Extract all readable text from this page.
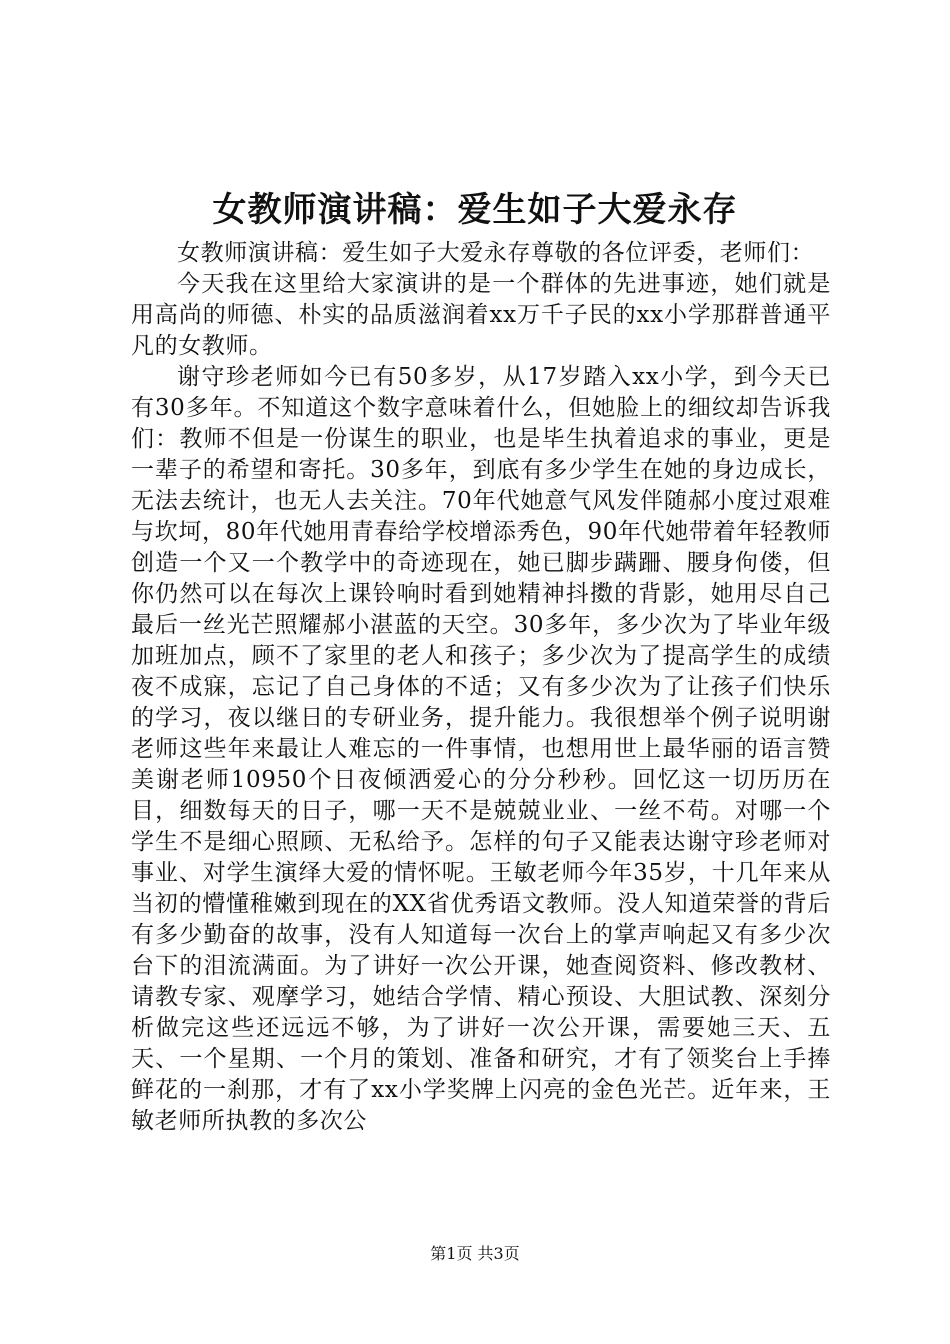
女教师演讲稿：爱生如子大爱永存

女教师演讲稿：爱生如子大爱永存尊敬的各位评委，老师们：

今天我在这里给大家演讲的是一个群体的先进事迹，她们就是用高尚的师德、朴实的品质滋润着xx万千子民的xx小学那群普通平凡的女教师。

谢守珍老师如今已有50多岁，从17岁踏入xx小学，到今天已有30多年。不知道这个数字意味着什么，但她脸上的细纹却告诉我们：教师不但是一份谋生的职业，也是毕生执着追求的事业，更是一辈子的希望和寄托。30多年，到底有多少学生在她的身边成长，无法去统计，也无人去关注。70年代她意气风发伴随郝小度过艰难与坎坷，80年代她用青春给学校增添秀色，90年代她带着年轻教师创造一个又一个教学中的奇迹现在，她已脚步蹒跚、腰身佝偻，但你仍然可以在每次上课铃响时看到她精神抖擞的背影，她用尽自己最后一丝光芒照耀郝小湛蓝的天空。30多年，多少次为了毕业年级加班加点，顾不了家里的老人和孩子；多少次为了提高学生的成绩夜不成寐，忘记了自己身体的不适；又有多少次为了让孩子们快乐的学习，夜以继日的专研业务，提升能力。我很想举个例子说明谢老师这些年来最让人难忘的一件事情，也想用世上最华丽的语言赞美谢老师10950个日夜倾洒爱心的分分秒秒。回忆这一切历历在目，细数每天的日子，哪一天不是兢兢业业、一丝不苟。对哪一个学生不是细心照顾、无私给予。怎样的句子又能表达谢守珍老师对事业、对学生演绎大爱的情怀呢。王敏老师今年35岁，十几年来从当初的懵懂稚嫩到现在的XX省优秀语文教师。没人知道荣誉的背后有多少勤奋的故事，没有人知道每一次台上的掌声响起又有多少次台下的泪流满面。为了讲好一次公开课，她查阅资料、修改教材、请教专家、观摩学习，她结合学情、精心预设、大胆试教、深刻分析做完这些还远远不够，为了讲好一次公开课，需要她三天、五天、一个星期、一个月的策划、准备和研究，才有了领奖台上手捧鲜花的一刹那，才有了xx小学奖牌上闪亮的金色光芒。近年来，王敏老师所执教的多次公

第1页 共3页
